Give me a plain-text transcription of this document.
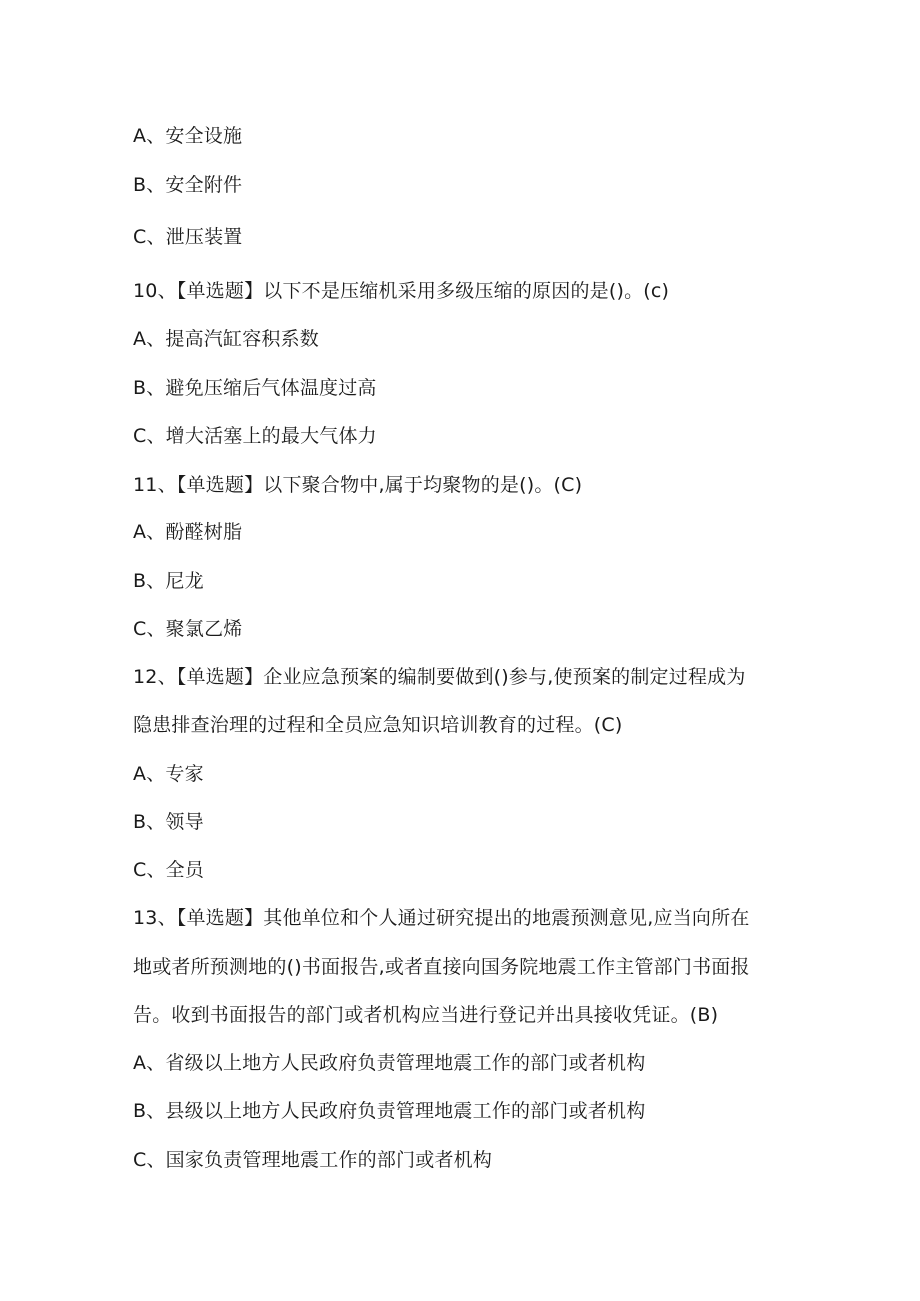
A、安全设施
B、安全附件
C、泄压装置
10、【单选题】以下不是压缩机采用多级压缩的原因的是()。(c)
A、提高汽缸容积系数
B、避免压缩后气体温度过高
C、增大活塞上的最大气体力
11、【单选题】以下聚合物中,属于均聚物的是()。(C)
A、酚醛树脂
B、尼龙
C、聚氯乙烯
12、【单选题】企业应急预案的编制要做到()参与,使预案的制定过程成为
隐患排查治理的过程和全员应急知识培训教育的过程。(C)
A、专家
B、领导
C、全员
13、【单选题】其他单位和个人通过研究提出的地震预测意见,应当向所在
地或者所预测地的()书面报告,或者直接向国务院地震工作主管部门书面报
告。收到书面报告的部门或者机构应当进行登记并出具接收凭证。(B)
A、省级以上地方人民政府负责管理地震工作的部门或者机构
B、县级以上地方人民政府负责管理地震工作的部门或者机构
C、国家负责管理地震工作的部门或者机构
